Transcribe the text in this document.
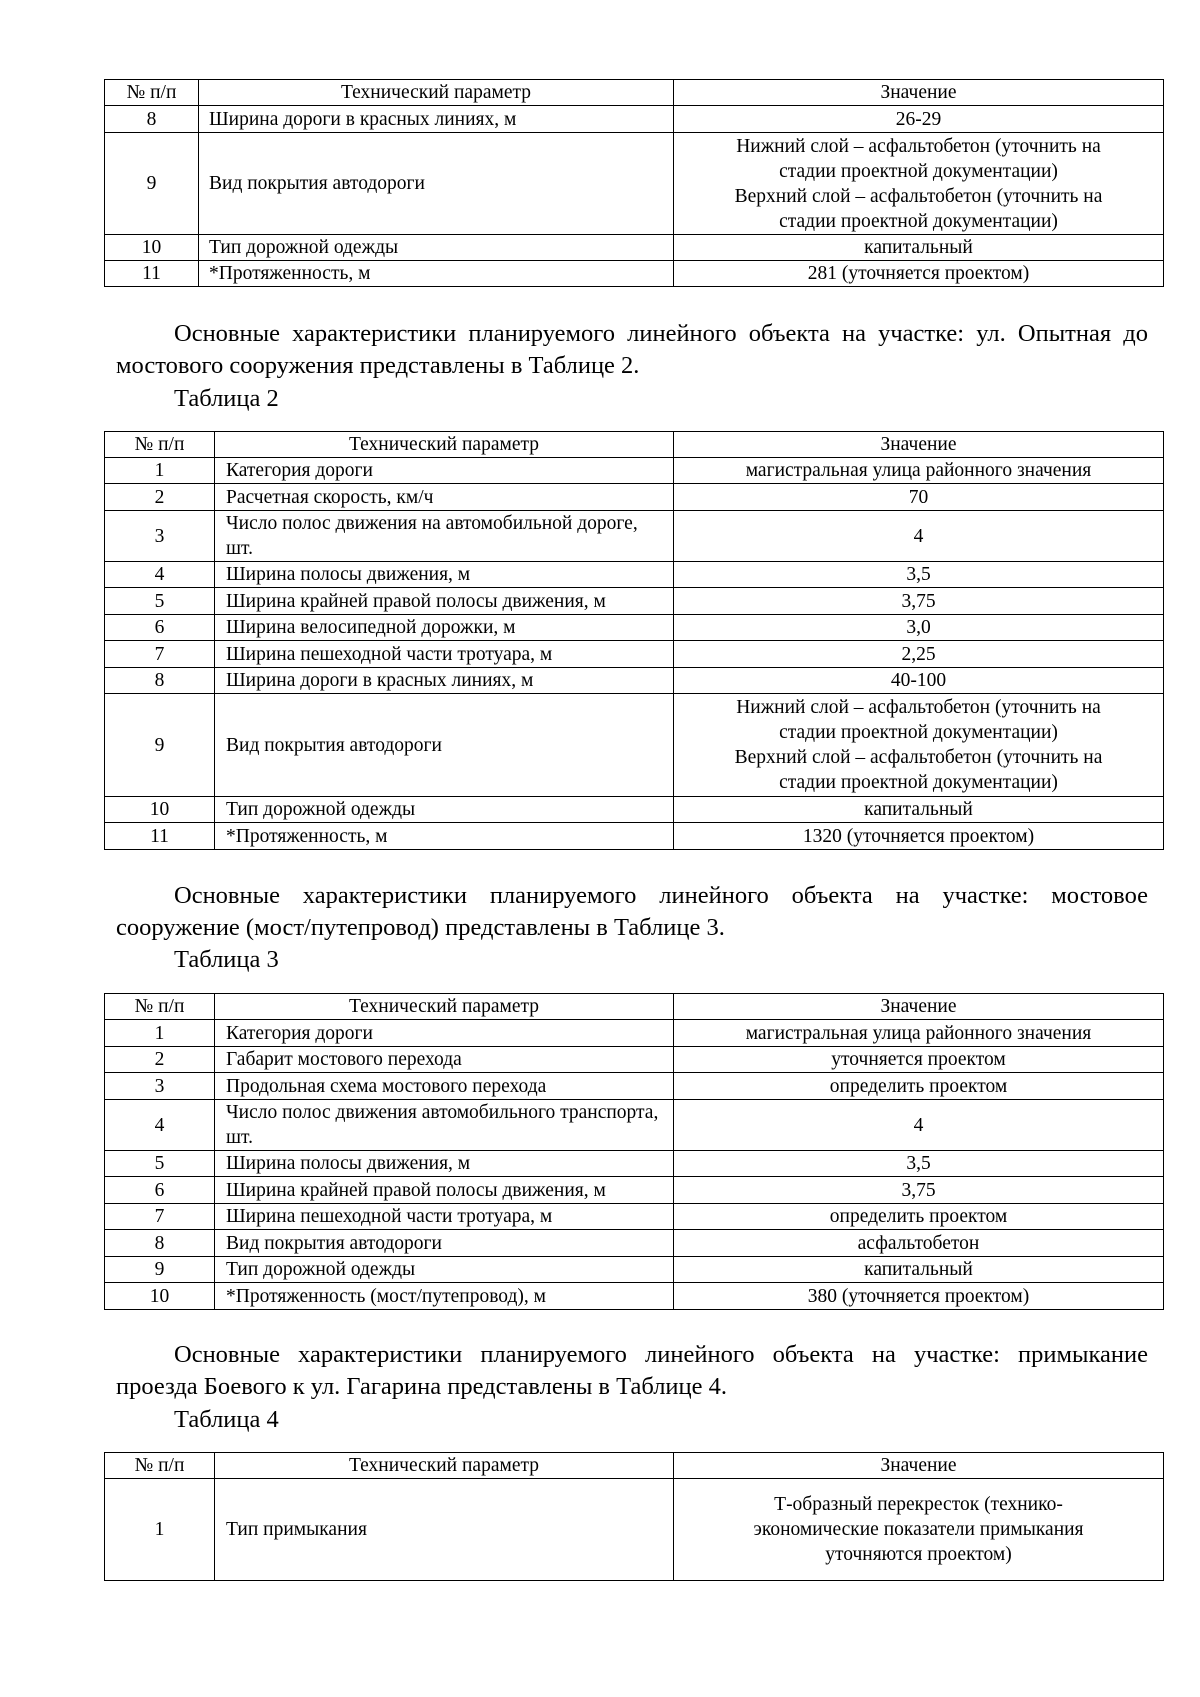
№ п/п	Технический параметр	Значение
8	Ширина дороги в красных линиях, м	26-29

9	Вид покрытия автодороги	Нижний слой – асфальтобетон (уточнить на
стадии проектной документации)
Верхний слой – асфальтобетон (уточнить на
стадии проектной документации)

10	Тип дорожной одежды	капитальный

11	*Протяженность, м	281 (уточняется проектом)

Основные характеристики планируемого линейного объекта на участке: ул. Опытная до мостового сооружения представлены в Таблице 2.

Таблица 2
№ п/п	Технический параметр	Значение
1	Категория дороги	магистральная улица районного значения

2	Расчетная скорость, км/ч	70

3	Число полос движения на автомобильной дороге, шт.	4

4	Ширина полосы движения, м	3,5

5	Ширина крайней правой полосы движения, м	3,75

6	Ширина велосипедной дорожки, м	3,0

7	Ширина пешеходной части тротуара, м	2,25

8	Ширина дороги в красных линиях, м	40-100

9	Вид покрытия автодороги	Нижний слой – асфальтобетон (уточнить на
стадии проектной документации)
Верхний слой – асфальтобетон (уточнить на
стадии проектной документации)

10	Тип дорожной одежды	капитальный

11	*Протяженность, м	1320 (уточняется проектом)

Основные характеристики планируемого линейного объекта на участке: мостовое сооружение (мост/путепровод) представлены в Таблице 3.

Таблица 3
№ п/п	Технический параметр	Значение
1	Категория дороги	магистральная улица районного значения

2	Габарит мостового перехода	уточняется проектом

3	Продольная схема мостового перехода	определить проектом

4	Число полос движения автомобильного транспорта, шт.	4

5	Ширина полосы движения, м	3,5

6	Ширина крайней правой полосы движения, м	3,75

7	Ширина пешеходной части тротуара, м	определить проектом

8	Вид покрытия автодороги	асфальтобетон

9	Тип дорожной одежды	капитальный

10	*Протяженность (мост/путепровод), м	380 (уточняется проектом)

Основные характеристики планируемого линейного объекта на участке: примыкание проезда Боевого к ул. Гагарина представлены в Таблице 4.

Таблица 4
№ п/п	Технический параметр	Значение
1	Тип примыкания	Т-образный перекресток (технико-
экономические показатели примыкания
уточняются проектом)
